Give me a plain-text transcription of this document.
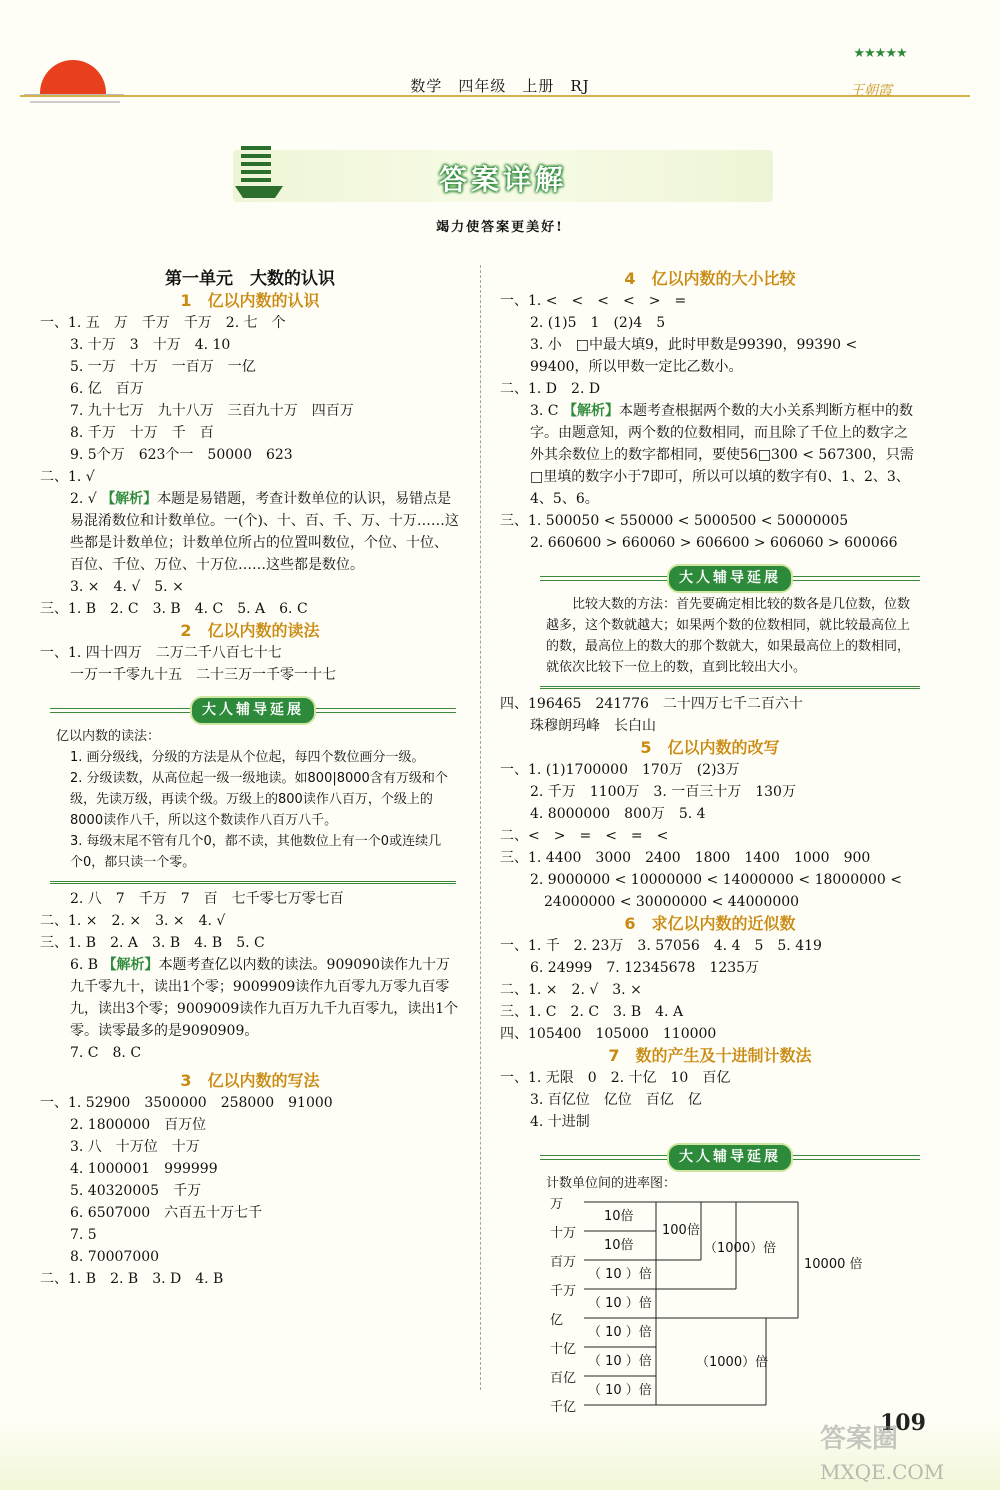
数学　四年级　上册　RJ
★★★★★
王朝霞
答案详解
竭力使答案更美好!
第一单元　大数的认识
1　亿以内数的认识
一、1. 五　万　千万　千万　2. 七　个
3. 十万　3　十万　4. 10
5. 一万　十万　一百万　一亿
6. 亿　百万
7. 九十七万　九十八万　三百九十万　四百万
8. 千万　十万　千　百
9. 5个万　623个一　50000　623
二、1. √
2. √ 【解析】本题是易错题，考查计数单位的认识，易错点是易混淆数位和计数单位。一(个)、十、百、千、万、十万……这些都是计数单位；计数单位所占的位置叫数位，个位、十位、百位、千位、万位、十万位……这些都是数位。
3. ×　4. √　5. ×
三、1. B　2. C　3. B　4. C　5. A　6. C
2　亿以内数的读法
一、1. 四十四万　二万二千八百七十七
一万一千零九十五　二十三万一千零一十七
大人辅导延展
亿以内数的读法：
1. 画分级线，分级的方法是从个位起，每四个数位画分一级。
2. 分级读数，从高位起一级一级地读。如800|8000含有万级和个级，先读万级，再读个级。万级上的800读作八百万，个级上的8000读作八千，所以这个数读作八百万八千。
3. 每级末尾不管有几个0，都不读，其他数位上有一个0或连续几个0，都只读一个零。
2. 八　7　千万　7　百　七千零七万零七百
二、1. ×　2. ×　3. ×　4. √
三、1. B　2. A　3. B　4. B　5. C
6. B 【解析】本题考查亿以内数的读法。909090读作九十万九千零九十，读出1个零；9009909读作九百零九万零九百零九，读出3个零；9009009读作九百万九千九百零九，读出1个零。读零最多的是9090909。
7. C　8. C
3　亿以内数的写法
一、1. 52900　3500000　258000　91000
2. 1800000　百万位
3. 八　十万位　十万
4. 1000001　999999
5. 40320005　千万
6. 6507000　六百五十万七千
7. 5
8. 70007000
二、1. B　2. B　3. D　4. B
4　亿以内数的大小比较
一、1. <　<　<　<　>　=
2. (1)5　1　(2)4　5
3. 小　□中最大填9，此时甲数是99390，99390 < 99400，所以甲数一定比乙数小。
二、1. D　2. D
3. C 【解析】本题考查根据两个数的大小关系判断方框中的数字。由题意知，两个数的位数相同，而且除了千位上的数字之外其余数位上的数字都相同，要使56□300 < 567300，只需□里填的数字小于7即可，所以可以填的数字有0、1、2、3、4、5、6。
三、1. 500050 < 550000 < 5000500 < 50000005
2. 660600 > 660060 > 606600 > 606060 > 600066
大人辅导延展
比较大数的方法：首先要确定相比较的数各是几位数，位数越多，这个数就越大；如果两个数的位数相同，就比较最高位上的数，最高位上的数大的那个数就大，如果最高位上的数相同，就依次比较下一位上的数，直到比较出大小。
四、196465　241776　二十四万七千二百六十
珠穆朗玛峰　长白山
5　亿以内数的改写
一、1. (1)1700000　170万　(2)3万
2. 千万　1100万　3. 一百三十万　130万
4. 8000000　800万　5. 4
二、<　>　=　<　=　<
三、1. 4400　3000　2400　1800　1400　1000　900
2. 9000000 < 10000000 < 14000000 < 18000000 <
24000000 < 30000000 < 44000000
6　求亿以内数的近似数
一、1. 千　2. 23万　3. 57056　4. 4　5　5. 419
6. 24999　7. 12345678　1235万
二、1. ×　2. √　3. ×
三、1. C　2. C　3. B　4. A
四、105400　105000　110000
7　数的产生及十进制计数法
一、1. 无限　0　2. 十亿　10　百亿
3. 百亿位　亿位　百亿　亿
4. 十进制
大人辅导延展
计数单位间的进率图：
万
十万
百万
千万
亿
十亿
百亿
千亿
10倍
10倍
（ 10 ）倍
（ 10 ）倍
（ 10 ）倍
（ 10 ）倍
（ 10 ）倍
100倍
（1000）倍
10000 倍
（1000）倍
109
答案圈
MXQE.COM
